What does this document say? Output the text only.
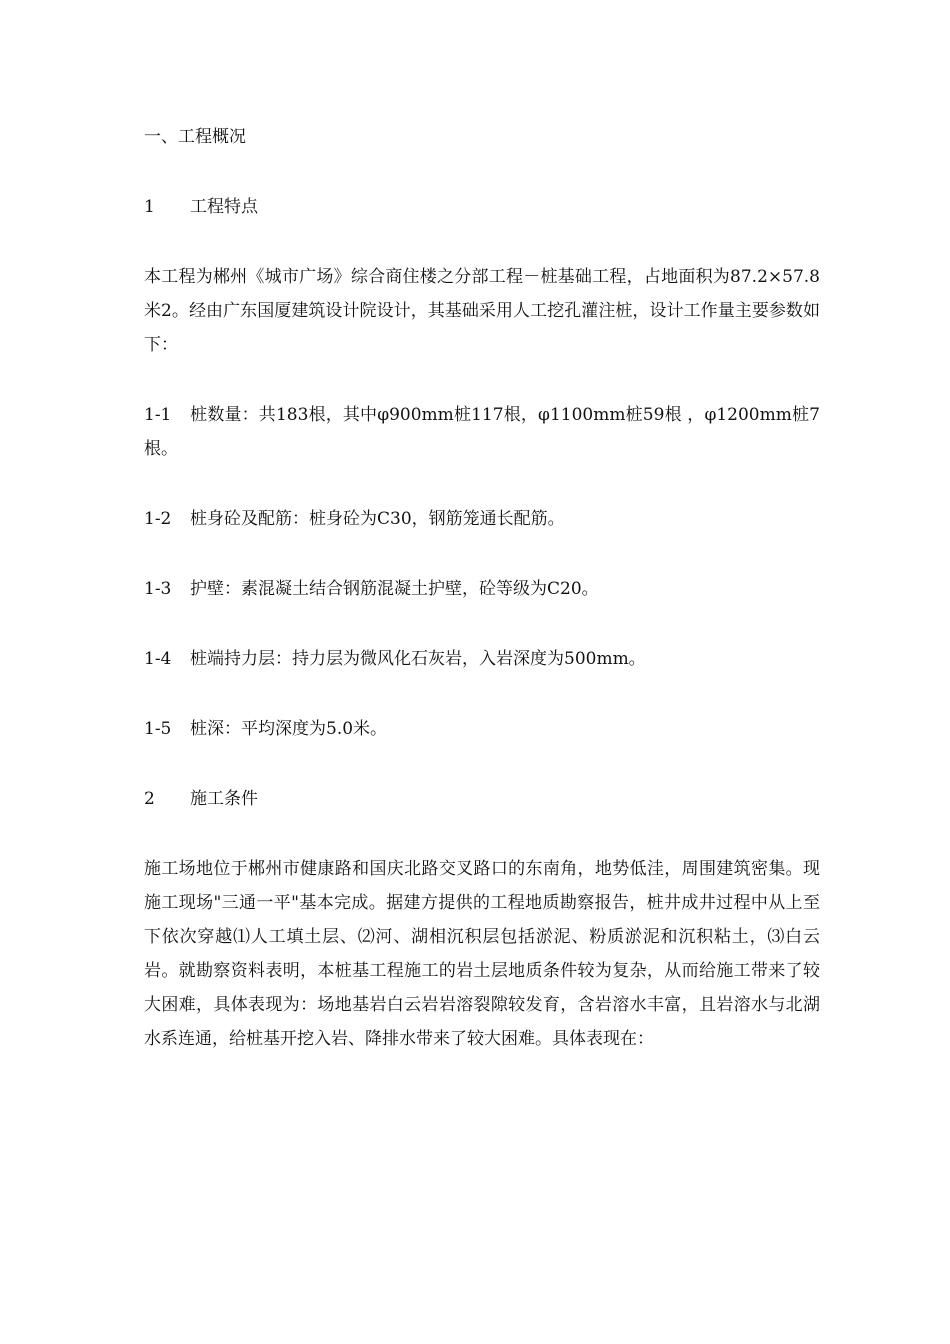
一、工程概况

1 工程特点

本工程为郴州《城市广场》综合商住楼之分部工程－桩基础工程，占地面积为87.2×57.8米2。经由广东国厦建筑设计院设计，其基础采用人工挖孔灌注桩，设计工作量主要参数如下：

1-1 桩数量：共183根，其中φ900mm桩117根，φ1100mm桩59根 ，φ1200mm桩7根。

1-2 桩身砼及配筋：桩身砼为C30，钢筋笼通长配筋。

1-3 护壁：素混凝土结合钢筋混凝土护壁，砼等级为C20。

1-4 桩端持力层：持力层为微风化石灰岩，入岩深度为500mm。

1-5 桩深：平均深度为5.0米。

2 施工条件

施工场地位于郴州市健康路和国庆北路交叉路口的东南角，地势低洼，周围建筑密集。现施工现场"三通一平"基本完成。据建方提供的工程地质勘察报告，桩井成井过程中从上至下依次穿越⑴人工填土层、⑵河、湖相沉积层包括淤泥、粉质淤泥和沉积粘土，⑶白云岩。就勘察资料表明，本桩基工程施工的岩土层地质条件较为复杂，从而给施工带来了较大困难，具体表现为：场地基岩白云岩岩溶裂隙较发育，含岩溶水丰富，且岩溶水与北湖水系连通，给桩基开挖入岩、降排水带来了较大困难。具体表现在：
